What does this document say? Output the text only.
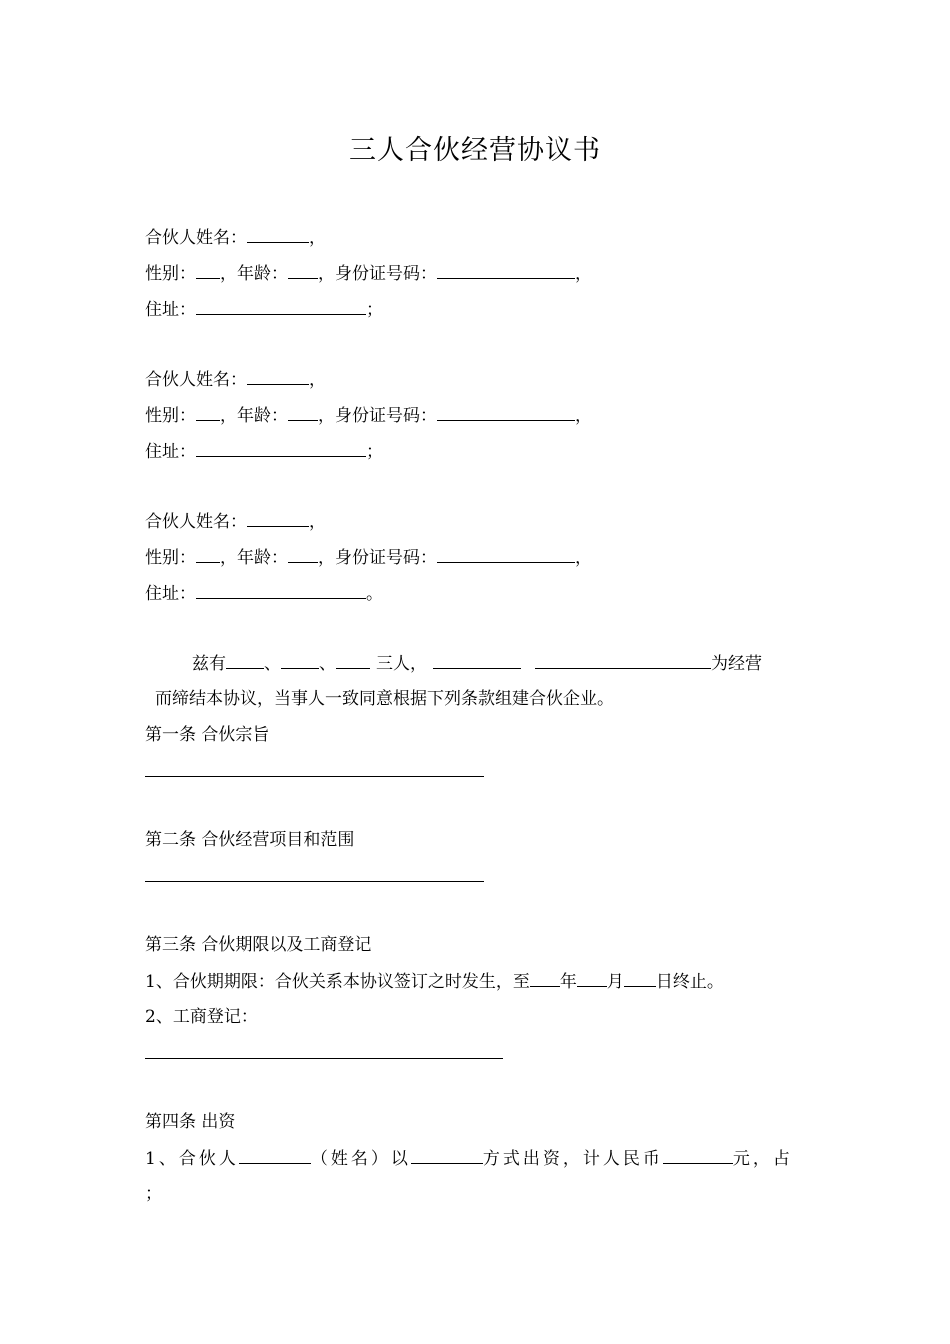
三人合伙经营协议书
合伙人姓名：	，
性别： ，年龄： ，身份证号码：	，
住址：	；
合伙人姓名：	，
性别： ，年龄： ，身份证号码：	，
住址：	；
合伙人姓名：	，
性别： ，年龄： ，身份证号码：	，
住址：	。
兹有 、 、 三人，	为经营
而缔结本协议，当事人一致同意根据下列条款组建合伙企业。
第一条 合伙宗旨
第二条 合伙经营项目和范围
第三条 合伙期限以及工商登记
1、合伙期期限：合伙关系本协议签订之时发生，至 年 月 日终止。
2、工商登记：
第四条 出资
1、合伙人	（姓名）以	方式出资，计人民币	元，占
；
